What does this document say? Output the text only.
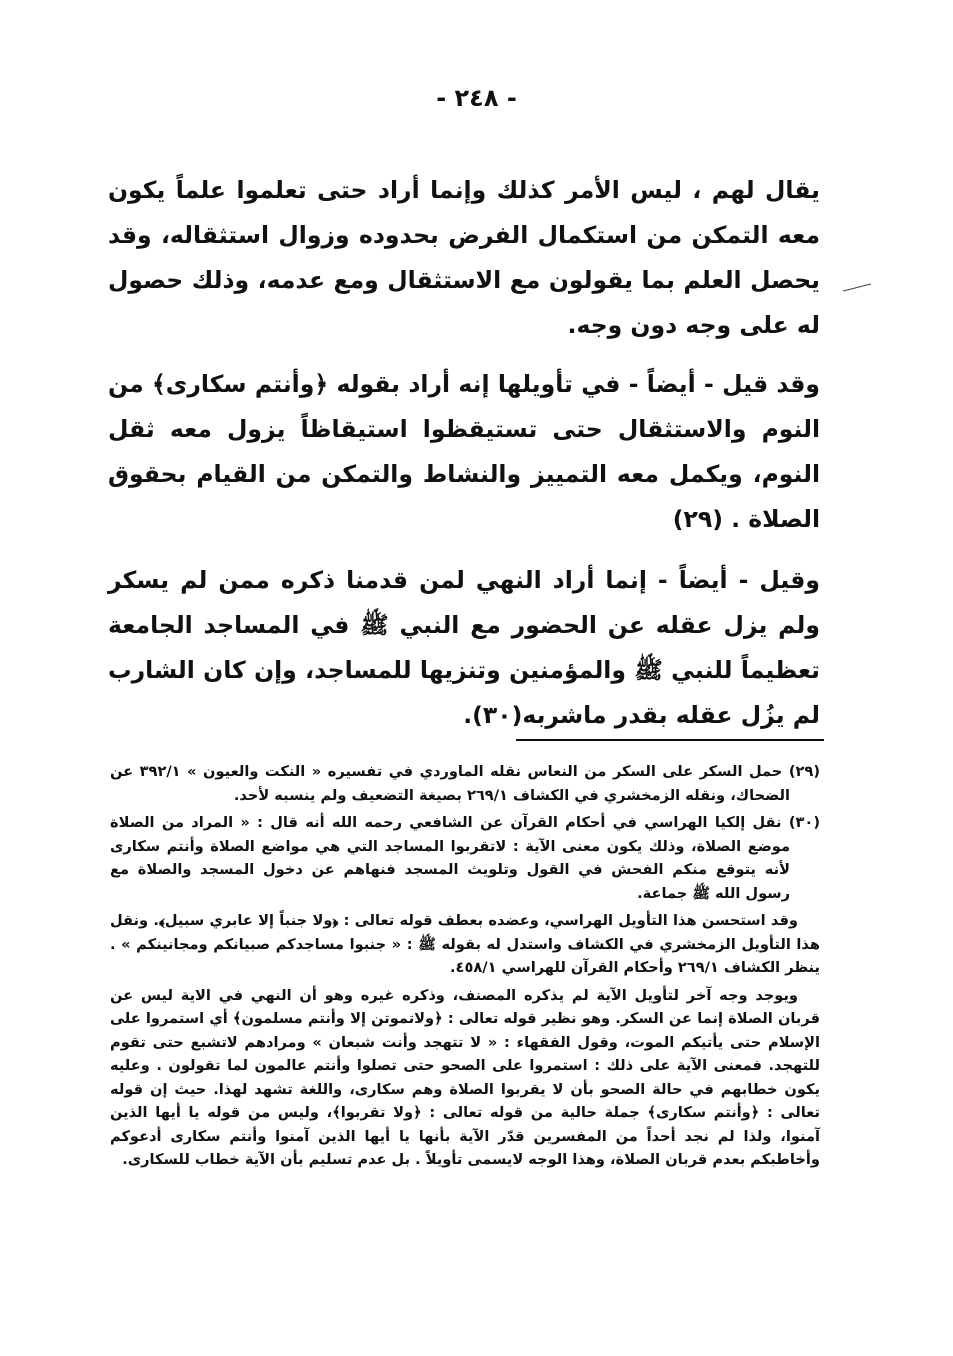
- ٢٤٨ -

يقال لهم ، ليس الأمر كذلك وإنما أراد حتى تعلموا علماً يكون معه التمكن من استكمال الفرض بحدوده وزوال استثقاله، وقد يحصل العلم بما يقولون مع الاستثقال ومع عدمه، وذلك حصول له على وجه دون وجه.

وقد قيل - أيضاً - في تأويلها إنه أراد بقوله ﴿وأنتم سكارى﴾ من النوم والاستثقال حتى تستيقظوا استيقاظاً يزول معه ثقل النوم، ويكمل معه التمييز والنشاط والتمكن من القيام بحقوق الصلاة . (٢٩)

وقيل - أيضاً - إنما أراد النهي لمن قدمنا ذكره ممن لم يسكر ولم يزل عقله عن الحضور مع النبي ﷺ في المساجد الجامعة تعظيماً للنبي ﷺ والمؤمنين وتنزيها للمساجد، وإن كان الشارب لم يزُل عقله بقدر ماشربه(٣٠).

(٢٩) حمل السكر على السكر من النعاس نقله الماوردي في تفسيره « النكت والعيون » ٣٩٢/١ عن الضحاك، ونقله الزمخشري في الكشاف ٢٦٩/١ بصيغة التضعيف ولم ينسبه لأحد.

(٣٠) نقل إلكيا الهراسي في أحكام القرآن عن الشافعي رحمه الله أنه قال : « المراد من الصلاة موضع الصلاة، وذلك يكون معنى الآية : لاتقربوا المساجد التي هي مواضع الصلاة وأنتم سكارى لأنه يتوقع منكم الفحش في القول وتلويث المسجد فنهاهم عن دخول المسجد والصلاة مع رسول الله ﷺ جماعة.

وقد استحسن هذا التأويل الهراسي، وعضده بعطف قوله تعالى : ﴿ولا جنباً إلا عابري سبيل﴾. ونقل هذا التأويل الزمخشري في الكشاف واستدل له بقوله ﷺ : « جنبوا مساجدكم صبيانكم ومجانينكم » . ينظر الكشاف ٢٦٩/١ وأحكام القرآن للهراسي ٤٥٨/١.

ويوجد وجه آخر لتأويل الآية لم يذكره المصنف، وذكره غيره وهو أن النهي في الاية ليس عن قربان الصلاة إنما عن السكر. وهو نظير قوله تعالى : ﴿ولاتموتن إلا وأنتم مسلمون﴾ أي استمروا على الإسلام حتى يأتيكم الموت، وقول الفقهاء : « لا تتهجد وأنت شبعان » ومرادهم لاتشبع حتى تقوم للتهجد. فمعنى الآية على ذلك : استمروا على الصحو حتى تصلوا وأنتم عالمون لما تقولون . وعليه يكون خطابهم في حالة الصحو بأن لا يقربوا الصلاة وهم سكارى، واللغة تشهد لهذا. حيث إن قوله تعالى : ﴿وأنتم سكارى﴾ جملة حالية من قوله تعالى : ﴿ولا تقربوا﴾، وليس من قوله يا أيها الذين آمنوا، ولذا لم نجد أحداً من المفسرين قدّر الآية بأنها يا أيها الذين آمنوا وأنتم سكارى أدعوكم وأخاطبكم بعدم قربان الصلاة، وهذا الوجه لايسمى تأويلاً . بل عدم تسليم بأن الآية خطاب للسكارى.
